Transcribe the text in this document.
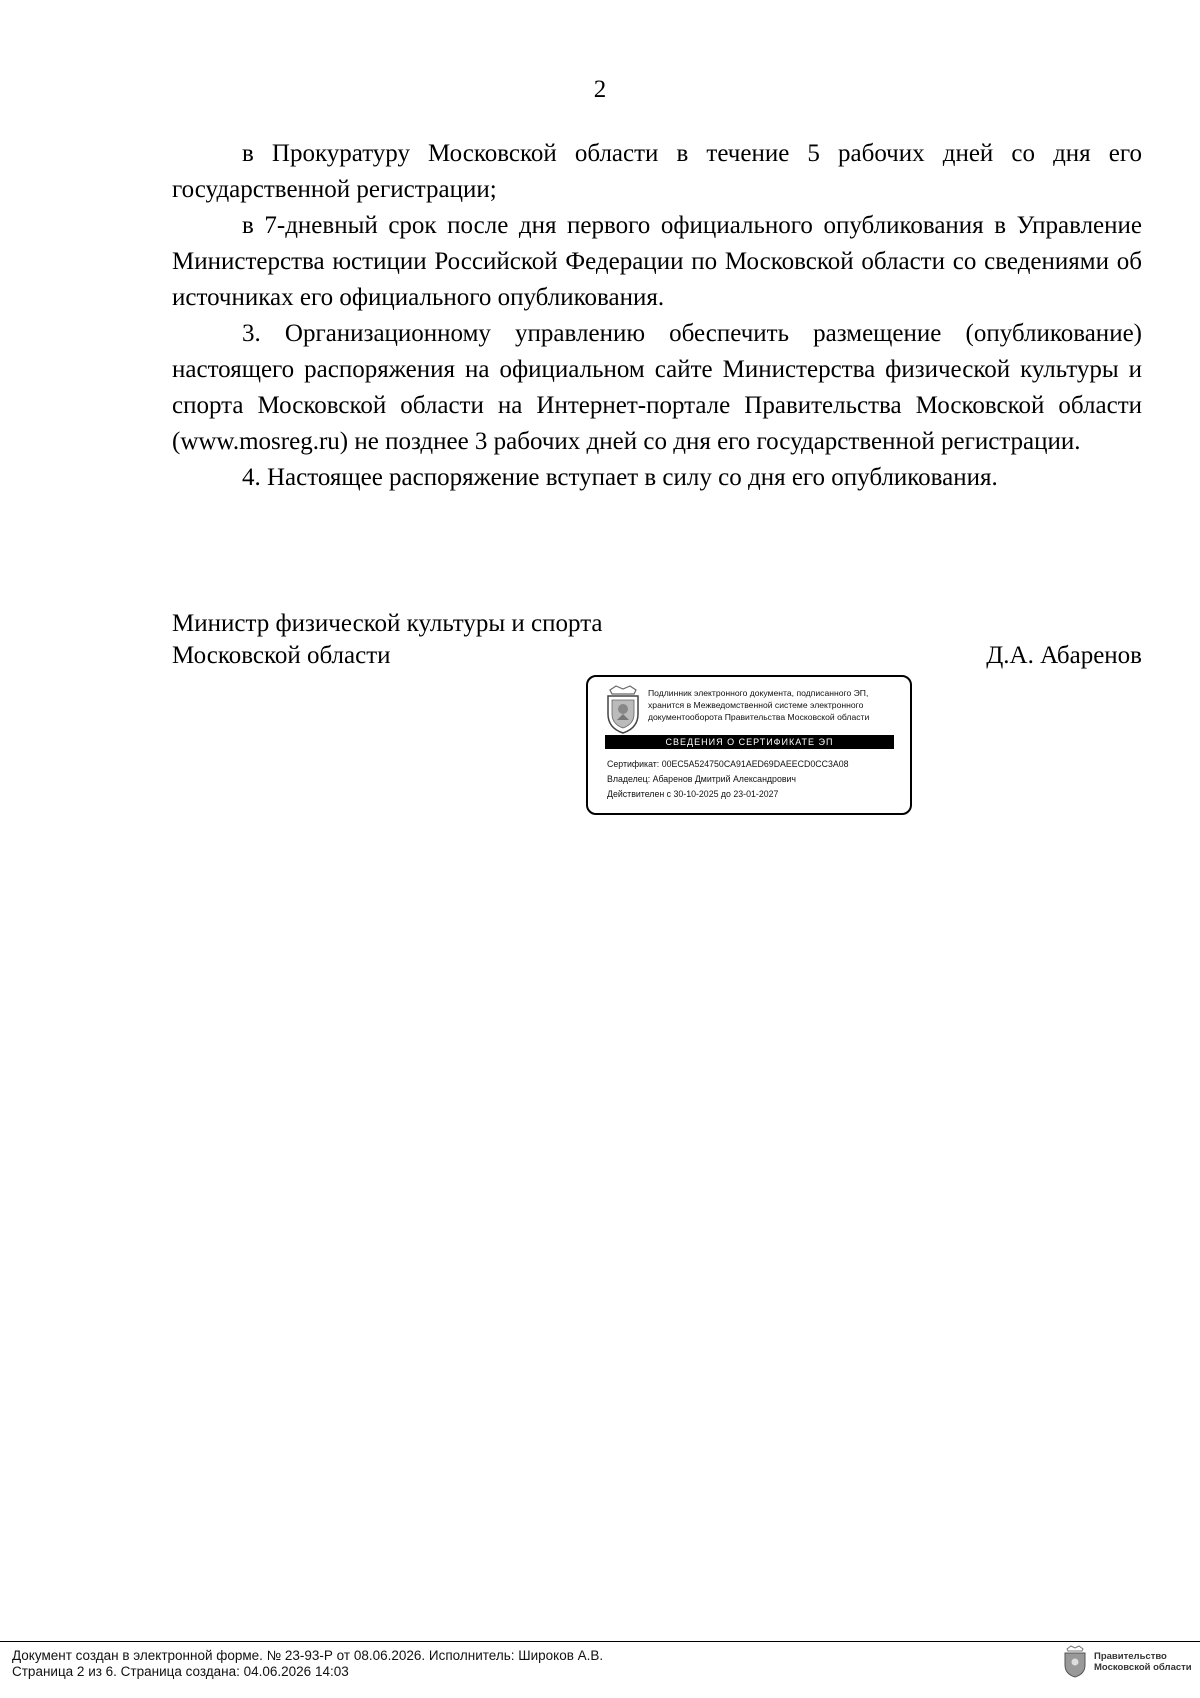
2

в Прокуратуру Московской области в течение 5 рабочих дней со дня его государственной регистрации;

в 7-дневный срок после дня первого официального опубликования в Управление Министерства юстиции Российской Федерации по Московской области со сведениями об источниках его официального опубликования.

3. Организационному управлению обеспечить размещение (опубликование) настоящего распоряжения на официальном сайте Министерства физической культуры и спорта Московской области на Интернет-портале Правительства Московской области (www.mosreg.ru) не позднее 3 рабочих дней со дня его государственной регистрации.

4. Настоящее распоряжение вступает в силу со дня его опубликования.

Министр физической культуры и спорта
Московской области	Д.А. Абаренов
Подлинник электронного документа, подписанного ЭП,
хранится в Межведомственной системе электронного
документооборота Правительства Московской области
СВЕДЕНИЯ О СЕРТИФИКАТЕ ЭП
Сертификат: 00EC5A524750CA91AED69DAEECD0CC3A08
Владелец: Абаренов Дмитрий Александрович
Действителен с 30-10-2025 до 23-01-2027
Документ создан в электронной форме. № 23-93-Р от 08.06.2026. Исполнитель: Широков А.В.
Страница 2 из 6. Страница создана: 04.06.2026 14:03
Правительство
Московской области
